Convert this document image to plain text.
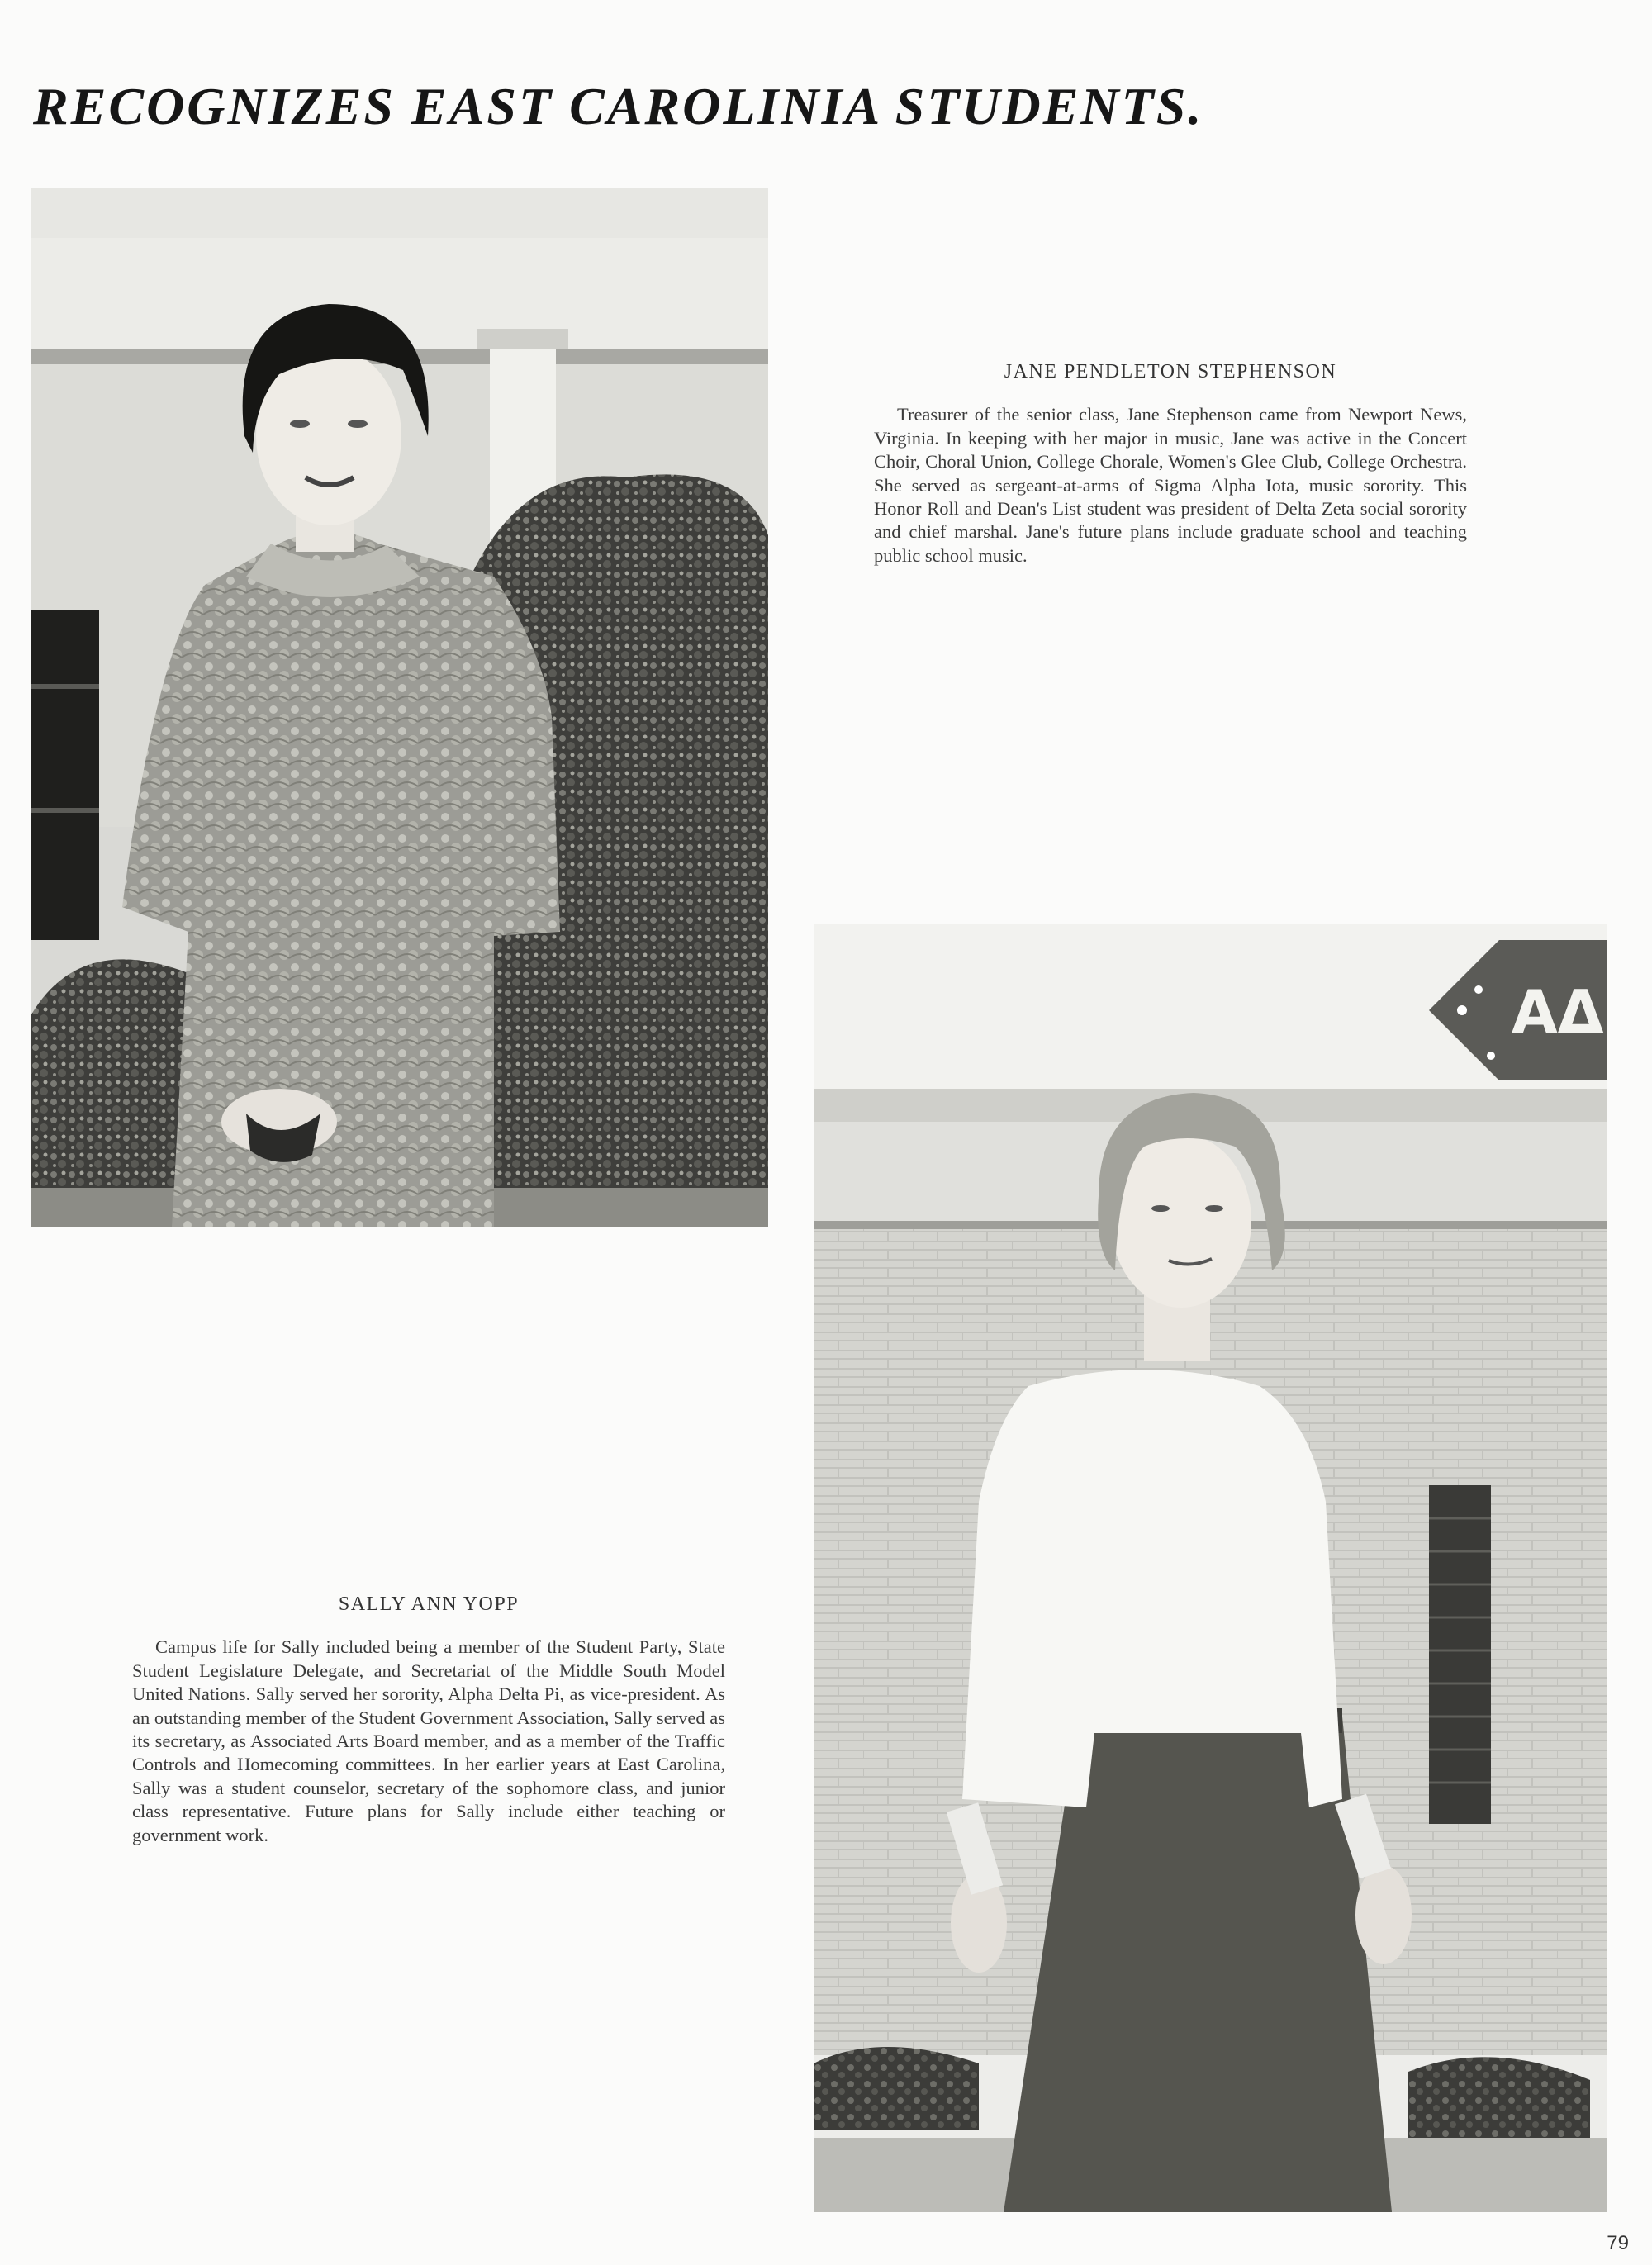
RECOGNIZES EAST CAROLINIA STUDENTS.
JANE PENDLETON STEPHENSON

Treasurer of the senior class, Jane Stephenson came from Newport News, Virginia. In keeping with her major in music, Jane was active in the Concert Choir, Choral Union, College Chorale, Women's Glee Club, College Orchestra. She served as sergeant-at-arms of Sigma Alpha Iota, music sorority. This Honor Roll and Dean's List student was president of Delta Zeta social sorority and chief marshal. Jane's future plans include graduate school and teaching public school music.

AΔ
SALLY ANN YOPP

Campus life for Sally included being a member of the Student Party, State Student Legislature Delegate, and Secretariat of the Middle South Model United Nations. Sally served her sorority, Alpha Delta Pi, as vice-president. As an outstanding member of the Student Government Association, Sally served as its secretary, as Associated Arts Board member, and as a member of the Traffic Controls and Homecoming committees. In her earlier years at East Carolina, Sally was a student counselor, secretary of the sophomore class, and junior class representative. Future plans for Sally include either teaching or government work.

79
